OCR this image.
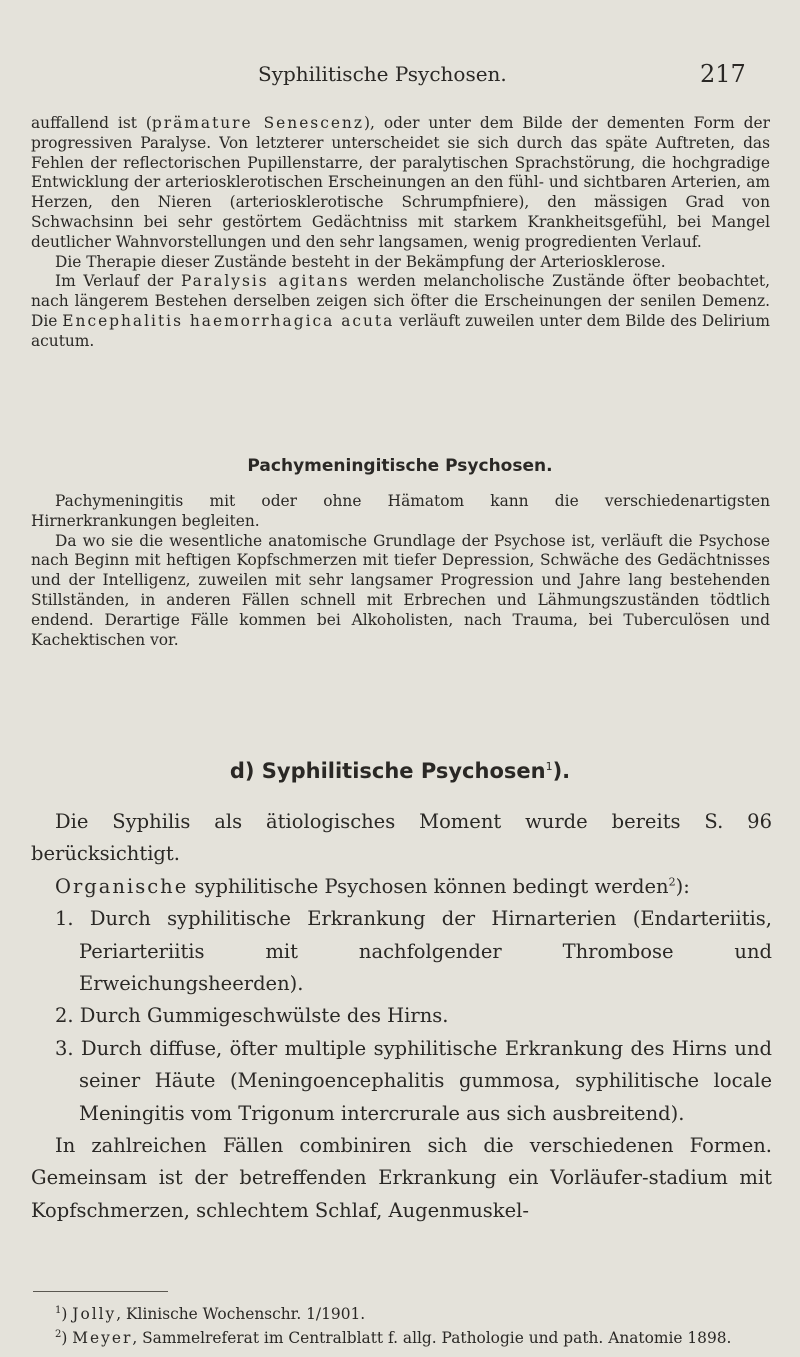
Syphilitische Psychosen.	217

auffallend ist (prämature Senescenz), oder unter dem Bilde der dementen Form der progressiven Paralyse. Von letzterer unterscheidet sie sich durch das späte Auftreten, das Fehlen der reflectorischen Pupillenstarre, der paralytischen Sprachstörung, die hochgradige Entwicklung der arteriosklerotischen Erscheinungen an den fühl- und sichtbaren Arterien, am Herzen, den Nieren (arteriosklerotische Schrumpfniere), den mässigen Grad von Schwachsinn bei sehr gestörtem Gedächtniss mit starkem Krankheitsgefühl, bei Mangel deutlicher Wahnvorstellungen und den sehr langsamen, wenig progredienten Verlauf.

Die Therapie dieser Zustände besteht in der Bekämpfung der Arteriosklerose.

Im Verlauf der Paralysis agitans werden melancholische Zustände öfter beobachtet, nach längerem Bestehen derselben zeigen sich öfter die Erscheinungen der senilen Demenz. Die Encephalitis haemorrhagica acuta verläuft zuweilen unter dem Bilde des Delirium acutum.

Pachymeningitische Psychosen.

Pachymeningitis mit oder ohne Hämatom kann die verschiedenartigsten Hirnerkrankungen begleiten.

Da wo sie die wesentliche anatomische Grundlage der Psychose ist, verläuft die Psychose nach Beginn mit heftigen Kopfschmerzen mit tiefer Depression, Schwäche des Gedächtnisses und der Intelligenz, zuweilen mit sehr langsamer Progression und Jahre lang bestehenden Stillständen, in anderen Fällen schnell mit Erbrechen und Lähmungszuständen tödtlich endend. Derartige Fälle kommen bei Alkoholisten, nach Trauma, bei Tuberculösen und Kachektischen vor.

d) Syphilitische Psychosen$^1$).

Die Syphilis als ätiologisches Moment wurde bereits S. 96 berücksichtigt.

Organische syphilitische Psychosen können bedingt werden$^2$):

1. Durch syphilitische Erkrankung der Hirnarterien (Endarteriitis, Periarteriitis mit nachfolgender Thrombose und Erweichungsheerden).

2. Durch Gummigeschwülste des Hirns.

3. Durch diffuse, öfter multiple syphilitische Erkrankung des Hirns und seiner Häute (Meningoencephalitis gummosa, syphilitische locale Meningitis vom Trigonum intercrurale aus sich ausbreitend).

In zahlreichen Fällen combiniren sich die verschiedenen Formen. Gemeinsam ist der betreffenden Erkrankung ein Vorläufer-stadium mit Kopfschmerzen, schlechtem Schlaf, Augenmuskel-

$^1$) Jolly, Klinische Wochenschr. 1/1901.

$^2$) Meyer, Sammelreferat im Centralblatt f. allg. Pathologie und path. Anatomie 1898.
